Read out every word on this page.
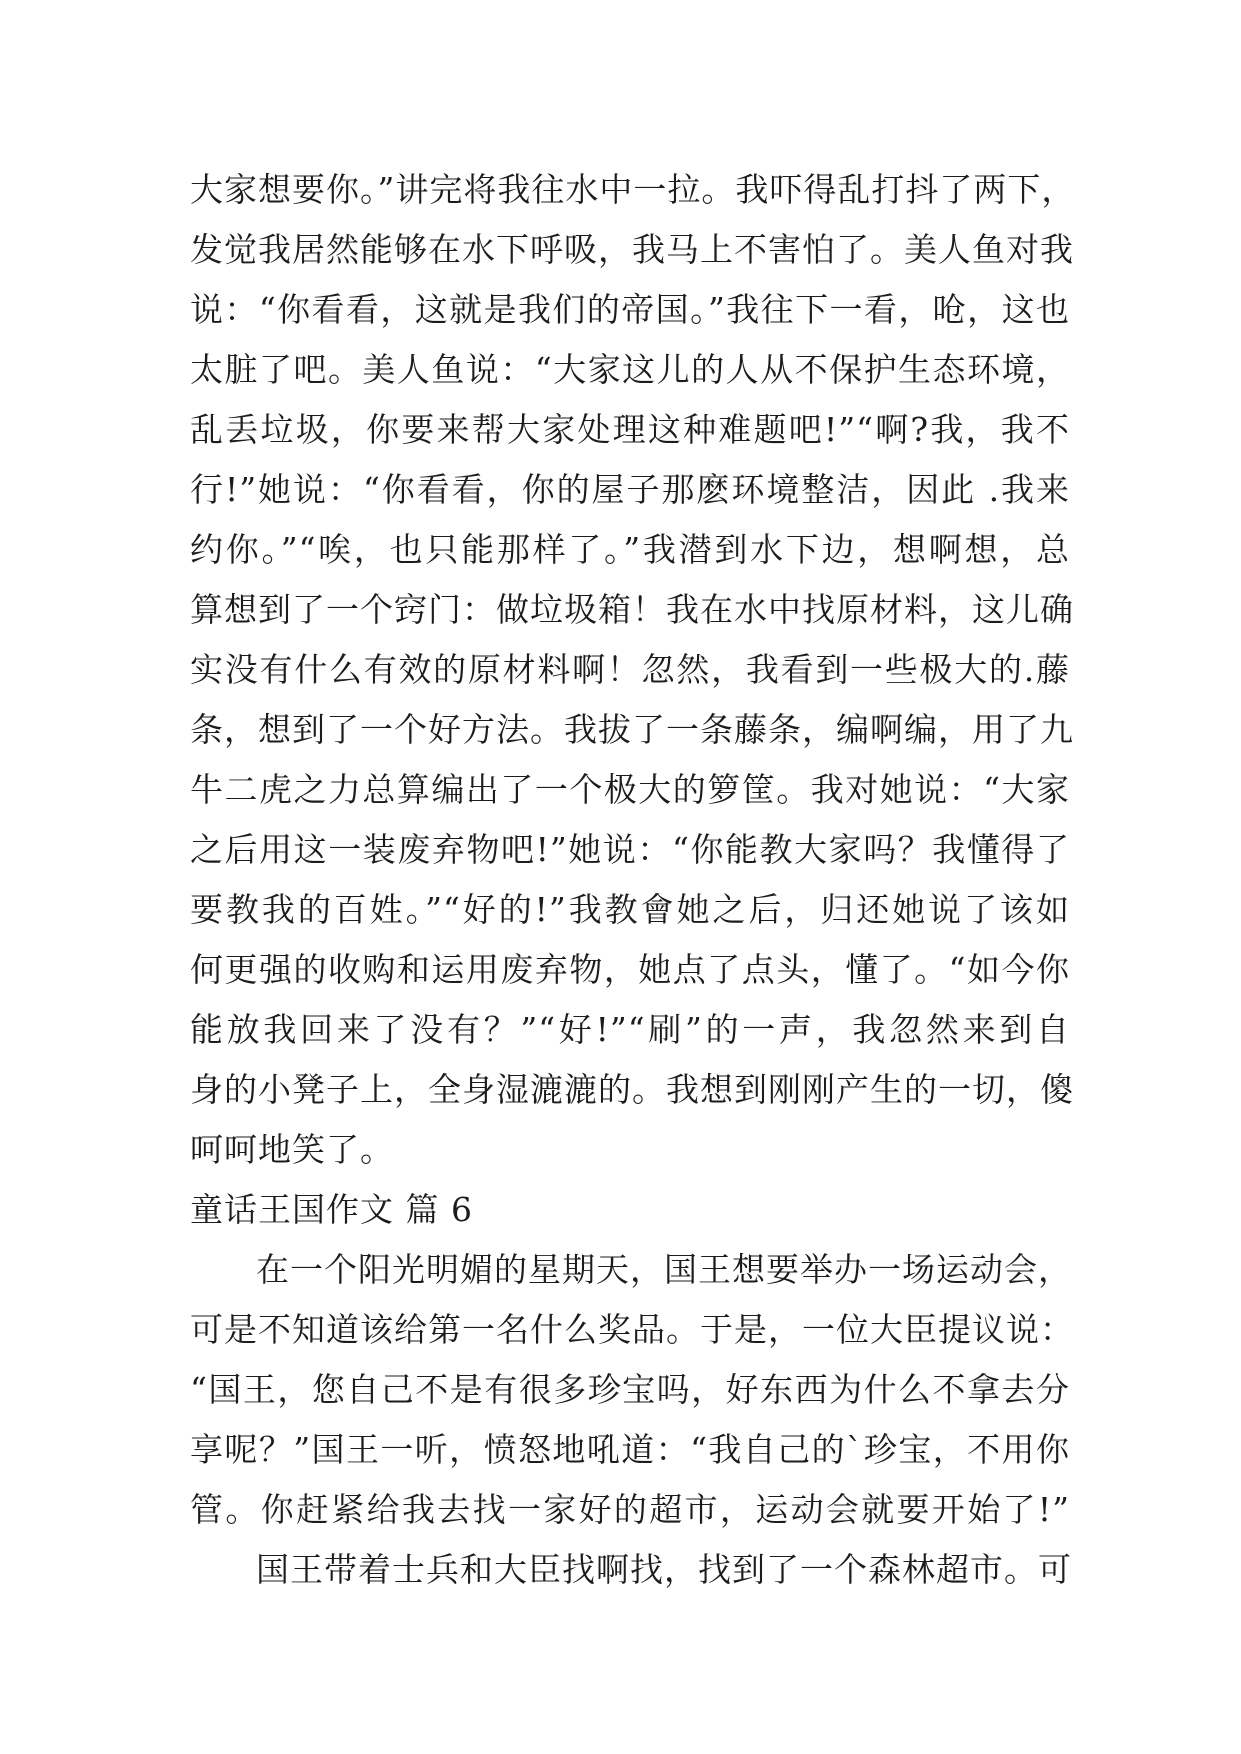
大家想要你。”讲完将我往水中一拉。我吓得乱打抖了两下，
发觉我居然能够在水下呼吸，我马上不害怕了。美人鱼对我
说：“你看看，这就是我们的帝国。”我往下一看，呛，这也
太脏了吧。美人鱼说：“大家这儿的人从不保护生态环境，
乱丢垃圾，你要来帮大家处理这种难题吧!”“啊?我，我不
行!”她说：“你看看，你的屋子那麽环境整洁，因此 .我来
约你。”“唉，也只能那样了。”我潜到水下边，想啊想，总
算想到了一个窍门：做垃圾箱！我在水中找原材料，这儿确
实没有什么有效的原材料啊！忽然，我看到一些极大的.藤
条，想到了一个好方法。我拔了一条藤条，编啊编，用了九
牛二虎之力总算编出了一个极大的箩筐。我对她说：“大家
之后用这一装废弃物吧!”她说：“你能教大家吗？我懂得了
要教我的百姓。”“好的!”我教會她之后，归还她说了该如
何更强的收购和运用废弃物，她点了点头，懂了。“如今你
能放我回来了没有？”“好!”“刷”的一声，我忽然来到自
身的小凳子上，全身湿漉漉的。我想到刚刚产生的一切，傻
呵呵地笑了。
童话王国作文 篇 6
在一个阳光明媚的星期天，国王想要举办一场运动会，
可是不知道该给第一名什么奖品。于是，一位大臣提议说：
“国王，您自己不是有很多珍宝吗，好东西为什么不拿去分
享呢？”国王一听，愤怒地吼道：“我自己的`珍宝，不用你
管。你赶紧给我去找一家好的超市，运动会就要开始了!”
国王带着士兵和大臣找啊找，找到了一个森林超市。可
